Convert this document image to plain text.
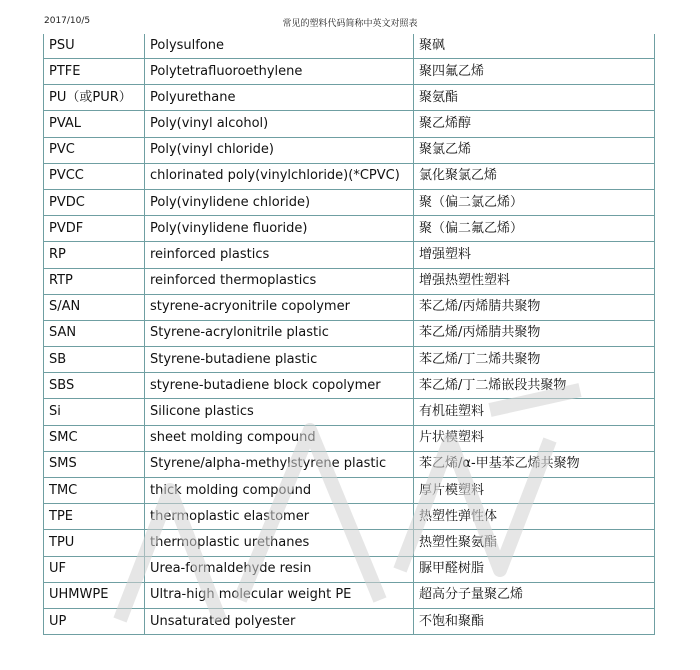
2017/10/5	常见的塑料代码简称中英文对照表
PSU	Polysulfone	聚砜
PTFE	Polytetrafluoroethylene	聚四氟乙烯
PU（或PUR）	Polyurethane	聚氨酯
PVAL	Poly(vinyl alcohol)	聚乙烯醇
PVC	Poly(vinyl chloride)	聚氯乙烯
PVCC	chlorinated poly(vinylchloride)(*CPVC)	氯化聚氯乙烯
PVDC	Poly(vinylidene chloride)	聚（偏二氯乙烯）
PVDF	Poly(vinylidene fluoride)	聚（偏二氟乙烯）
RP	reinforced plastics	增强塑料
RTP	reinforced thermoplastics	增强热塑性塑料
S/AN	styrene-acryonitrile copolymer	苯乙烯/丙烯腈共聚物
SAN	Styrene-acrylonitrile plastic	苯乙烯/丙烯腈共聚物
SB	Styrene-butadiene plastic	苯乙烯/丁二烯共聚物
SBS	styrene-butadiene block copolymer	苯乙烯/丁二烯嵌段共聚物
Si	Silicone plastics	有机硅塑料
SMC	sheet molding compound	片状模塑料
SMS	Styrene/alpha-methylstyrene plastic	苯乙烯/α-甲基苯乙烯共聚物
TMC	thick molding compound	厚片模塑料
TPE	thermoplastic elastomer	热塑性弹性体
TPU	thermoplastic urethanes	热塑性聚氨酯
UF	Urea-formaldehyde resin	脲甲醛树脂
UHMWPE	Ultra-high molecular weight PE	超高分子量聚乙烯
UP	Unsaturated polyester	不饱和聚酯
